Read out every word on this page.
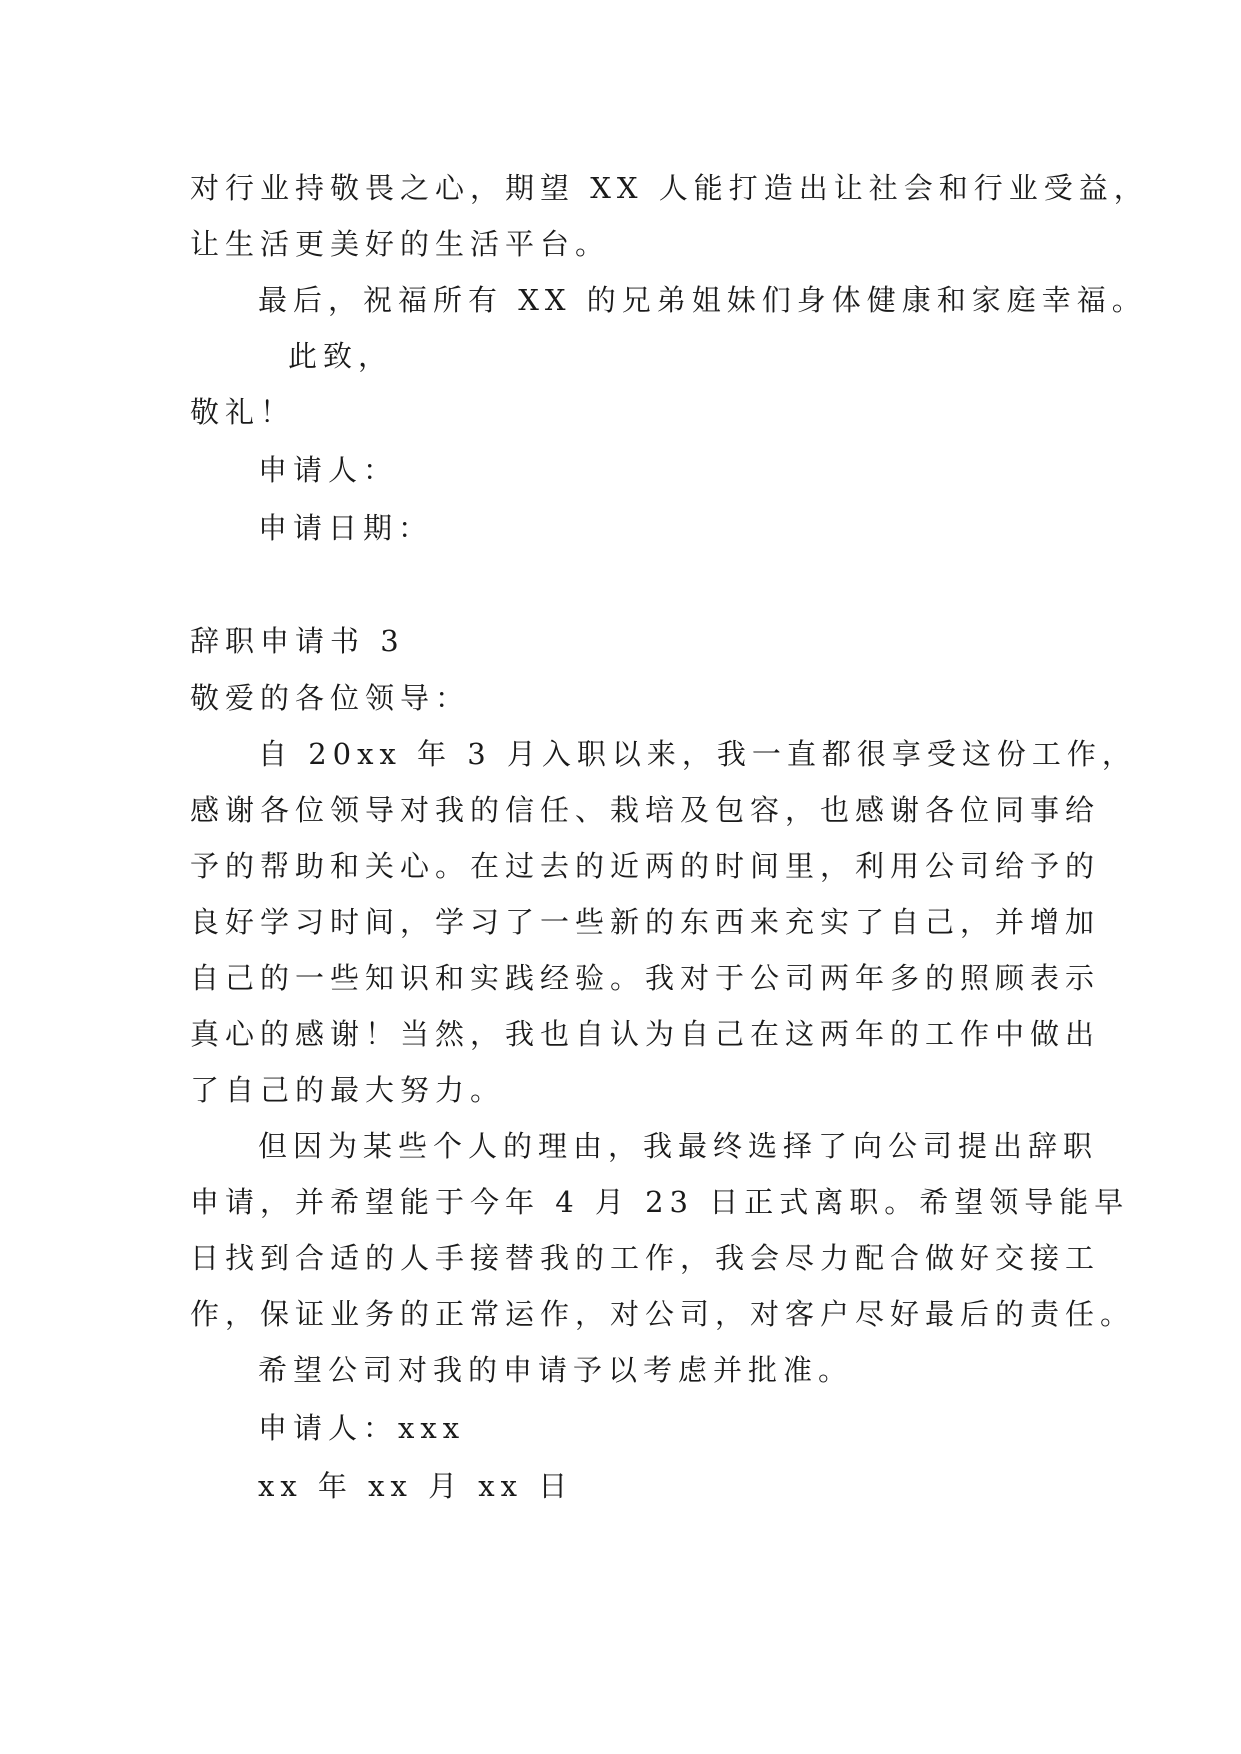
对行业持敬畏之心，期望 XX 人能打造出让社会和行业受益，
让生活更美好的生活平台。
最后，祝福所有 XX 的兄弟姐妹们身体健康和家庭幸福。
此致，
敬礼！
申请人：
申请日期：
辞职申请书 3
敬爱的各位领导：
自 20xx 年 3 月入职以来，我一直都很享受这份工作，
感谢各位领导对我的信任、栽培及包容，也感谢各位同事给
予的帮助和关心。在过去的近两的时间里，利用公司给予的
良好学习时间，学习了一些新的东西来充实了自己，并增加
自己的一些知识和实践经验。我对于公司两年多的照顾表示
真心的感谢！当然，我也自认为自己在这两年的工作中做出
了自己的最大努力。
但因为某些个人的理由，我最终选择了向公司提出辞职
申请，并希望能于今年 4 月 23 日正式离职。希望领导能早
日找到合适的人手接替我的工作，我会尽力配合做好交接工
作，保证业务的正常运作，对公司，对客户尽好最后的责任。
希望公司对我的申请予以考虑并批准。
申请人：xxx
xx 年 xx 月 xx 日
